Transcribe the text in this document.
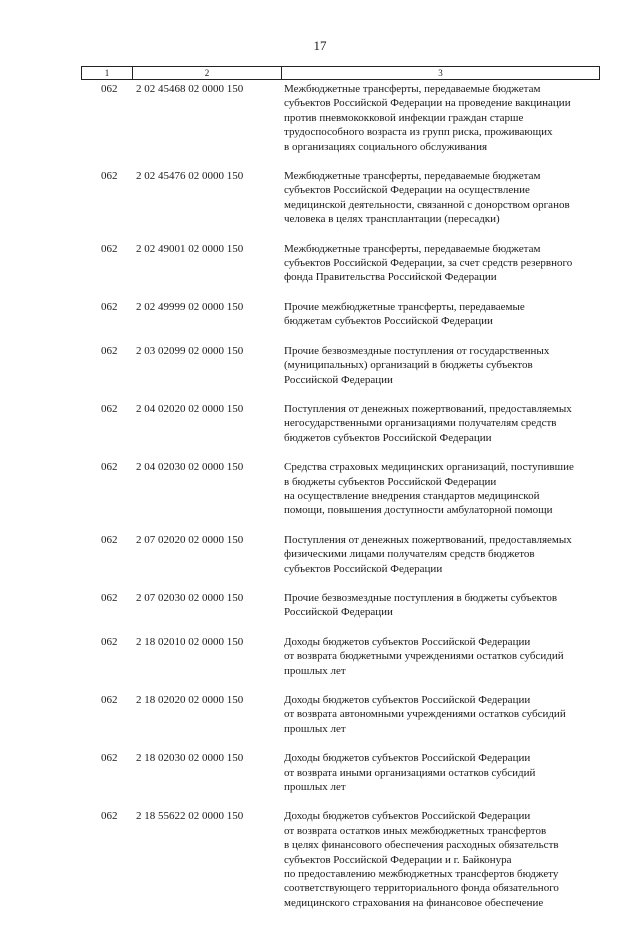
17
1	2	3
062	2 02 45468 02 0000 150	Межбюджетные трансферты, передаваемые бюджетам
субъектов Российской Федерации на проведение вакцинации
против пневмококковой инфекции граждан старше
трудоспособного возраста из групп риска, проживающих
в организациях социального обслуживания
062	2 02 45476 02 0000 150	Межбюджетные трансферты, передаваемые бюджетам
субъектов Российской Федерации на осуществление
медицинской деятельности, связанной с донорством органов
человека в целях трансплантации (пересадки)
062	2 02 49001 02 0000 150	Межбюджетные трансферты, передаваемые бюджетам
субъектов Российской Федерации, за счет средств резервного
фонда Правительства Российской Федерации
062	2 02 49999 02 0000 150	Прочие межбюджетные трансферты, передаваемые
бюджетам субъектов Российской Федерации
062	2 03 02099 02 0000 150	Прочие безвозмездные поступления от государственных
(муниципальных) организаций в бюджеты субъектов
Российской Федерации
062	2 04 02020 02 0000 150	Поступления от денежных пожертвований, предоставляемых
негосударственными организациями получателям средств
бюджетов субъектов Российской Федерации
062	2 04 02030 02 0000 150	Средства страховых медицинских организаций, поступившие
в бюджеты субъектов Российской Федерации
на осуществление внедрения стандартов медицинской
помощи, повышения доступности амбулаторной помощи
062	2 07 02020 02 0000 150	Поступления от денежных пожертвований, предоставляемых
физическими лицами получателям средств бюджетов
субъектов Российской Федерации
062	2 07 02030 02 0000 150	Прочие безвозмездные поступления в бюджеты субъектов
Российской Федерации
062	2 18 02010 02 0000 150	Доходы бюджетов субъектов Российской Федерации
от возврата бюджетными учреждениями остатков субсидий
прошлых лет
062	2 18 02020 02 0000 150	Доходы бюджетов субъектов Российской Федерации
от возврата автономными учреждениями остатков субсидий
прошлых лет
062	2 18 02030 02 0000 150	Доходы бюджетов субъектов Российской Федерации
от возврата иными организациями остатков субсидий
прошлых лет
062	2 18 55622 02 0000 150	Доходы бюджетов субъектов Российской Федерации
от возврата остатков иных межбюджетных трансфертов
в целях финансового обеспечения расходных обязательств
субъектов Российской Федерации и г. Байконура
по предоставлению межбюджетных трансфертов бюджету
соответствующего территориального фонда обязательного
медицинского страхования на финансовое обеспечение
